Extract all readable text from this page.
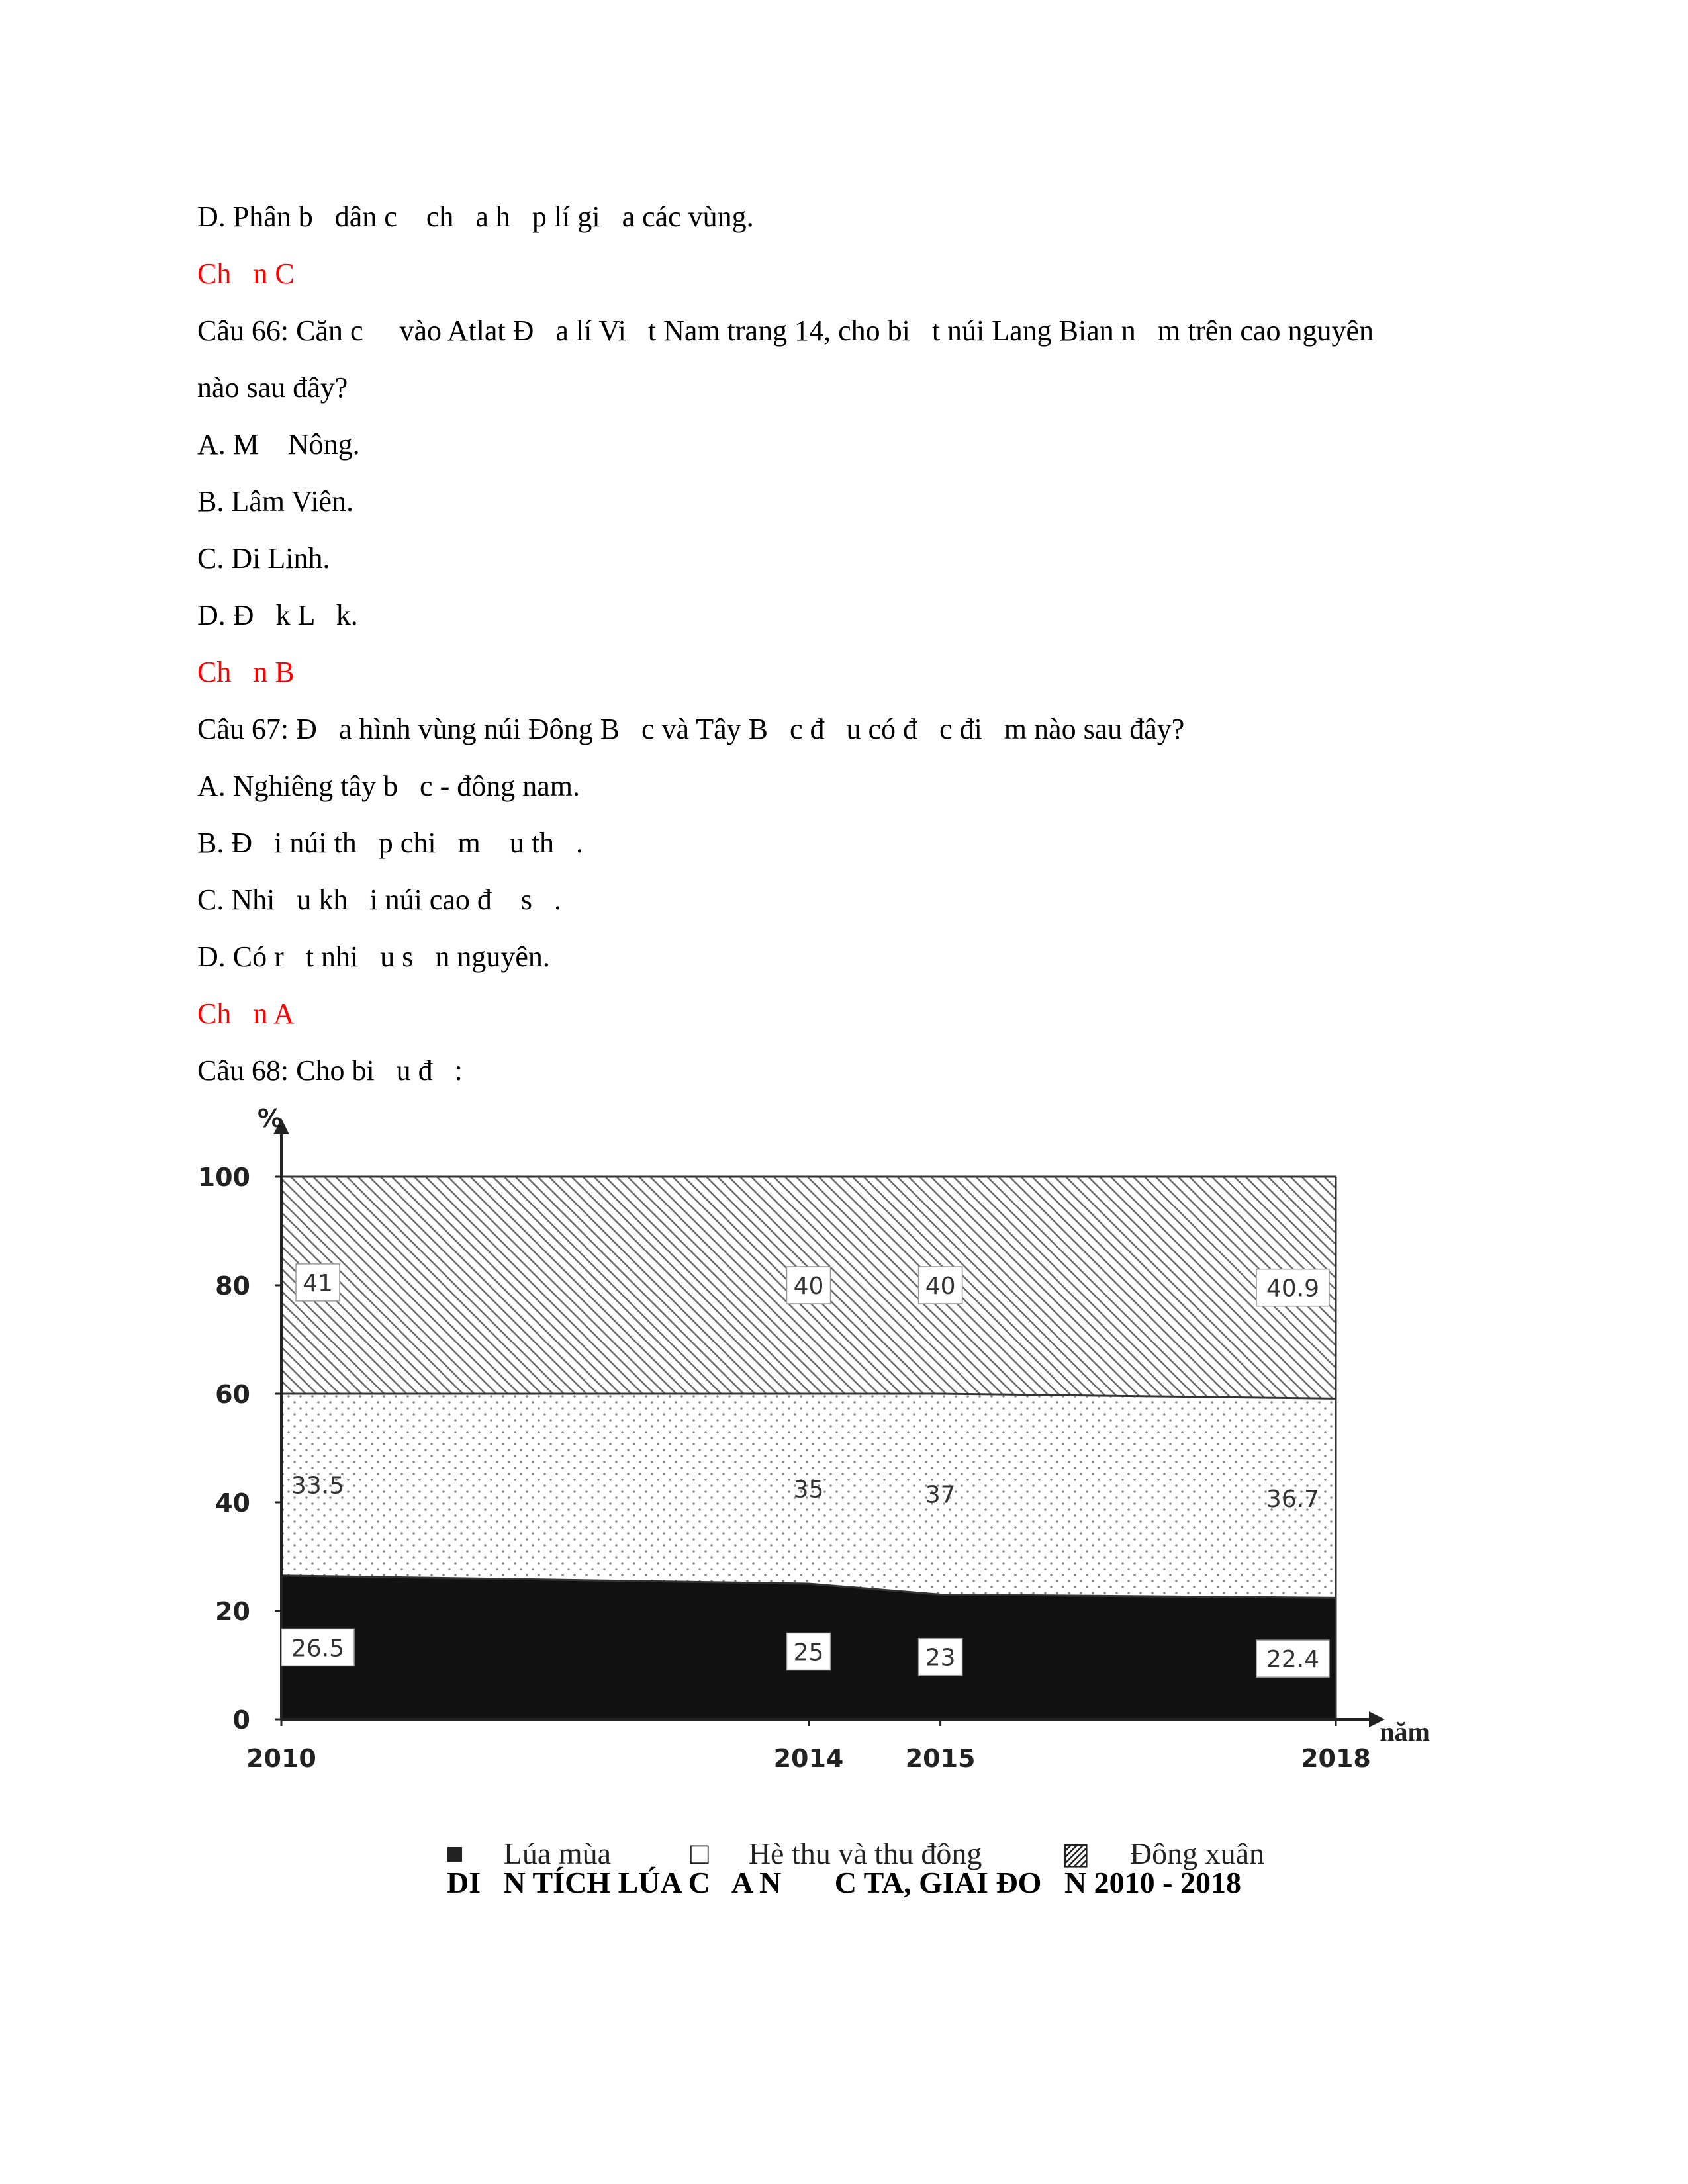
D. Phân b   dân c    ch   a h   p lí gi   a các vùng.
Ch   n C
Câu 66: Căn c     vào Atlat Đ   a lí Vi   t Nam trang 14, cho bi   t núi Lang Bian n   m trên cao nguyên
nào sau đây?
A. M    Nông.
B. Lâm Viên.
C. Di Linh.
D. Đ   k L   k.
Ch   n B
Câu 67: Đ   a hình vùng núi Đông B   c và Tây B   c đ   u có đ   c đi   m nào sau đây?
A. Nghiêng tây b   c - đông nam.
B. Đ   i núi th   p chi   m    u th   .
C. Nhi   u kh   i núi cao đ    s   .
D. Có r   t nhi   u s   n nguyên.
Ch   n A
Câu 68: Cho bi   u đ   :
0
20
40
60
80
100
%
2010	2014 2015	2018
năm
26.5	25	23	22.4
33.5	35	37	36.7
41	40	40	40.9

■ Lúa mùa	□ Hè thu và thu đông	▨ Đông xuân

DI   N TÍCH LÚA C   A N       C TA, GIAI ĐO   N 2010 - 2018
